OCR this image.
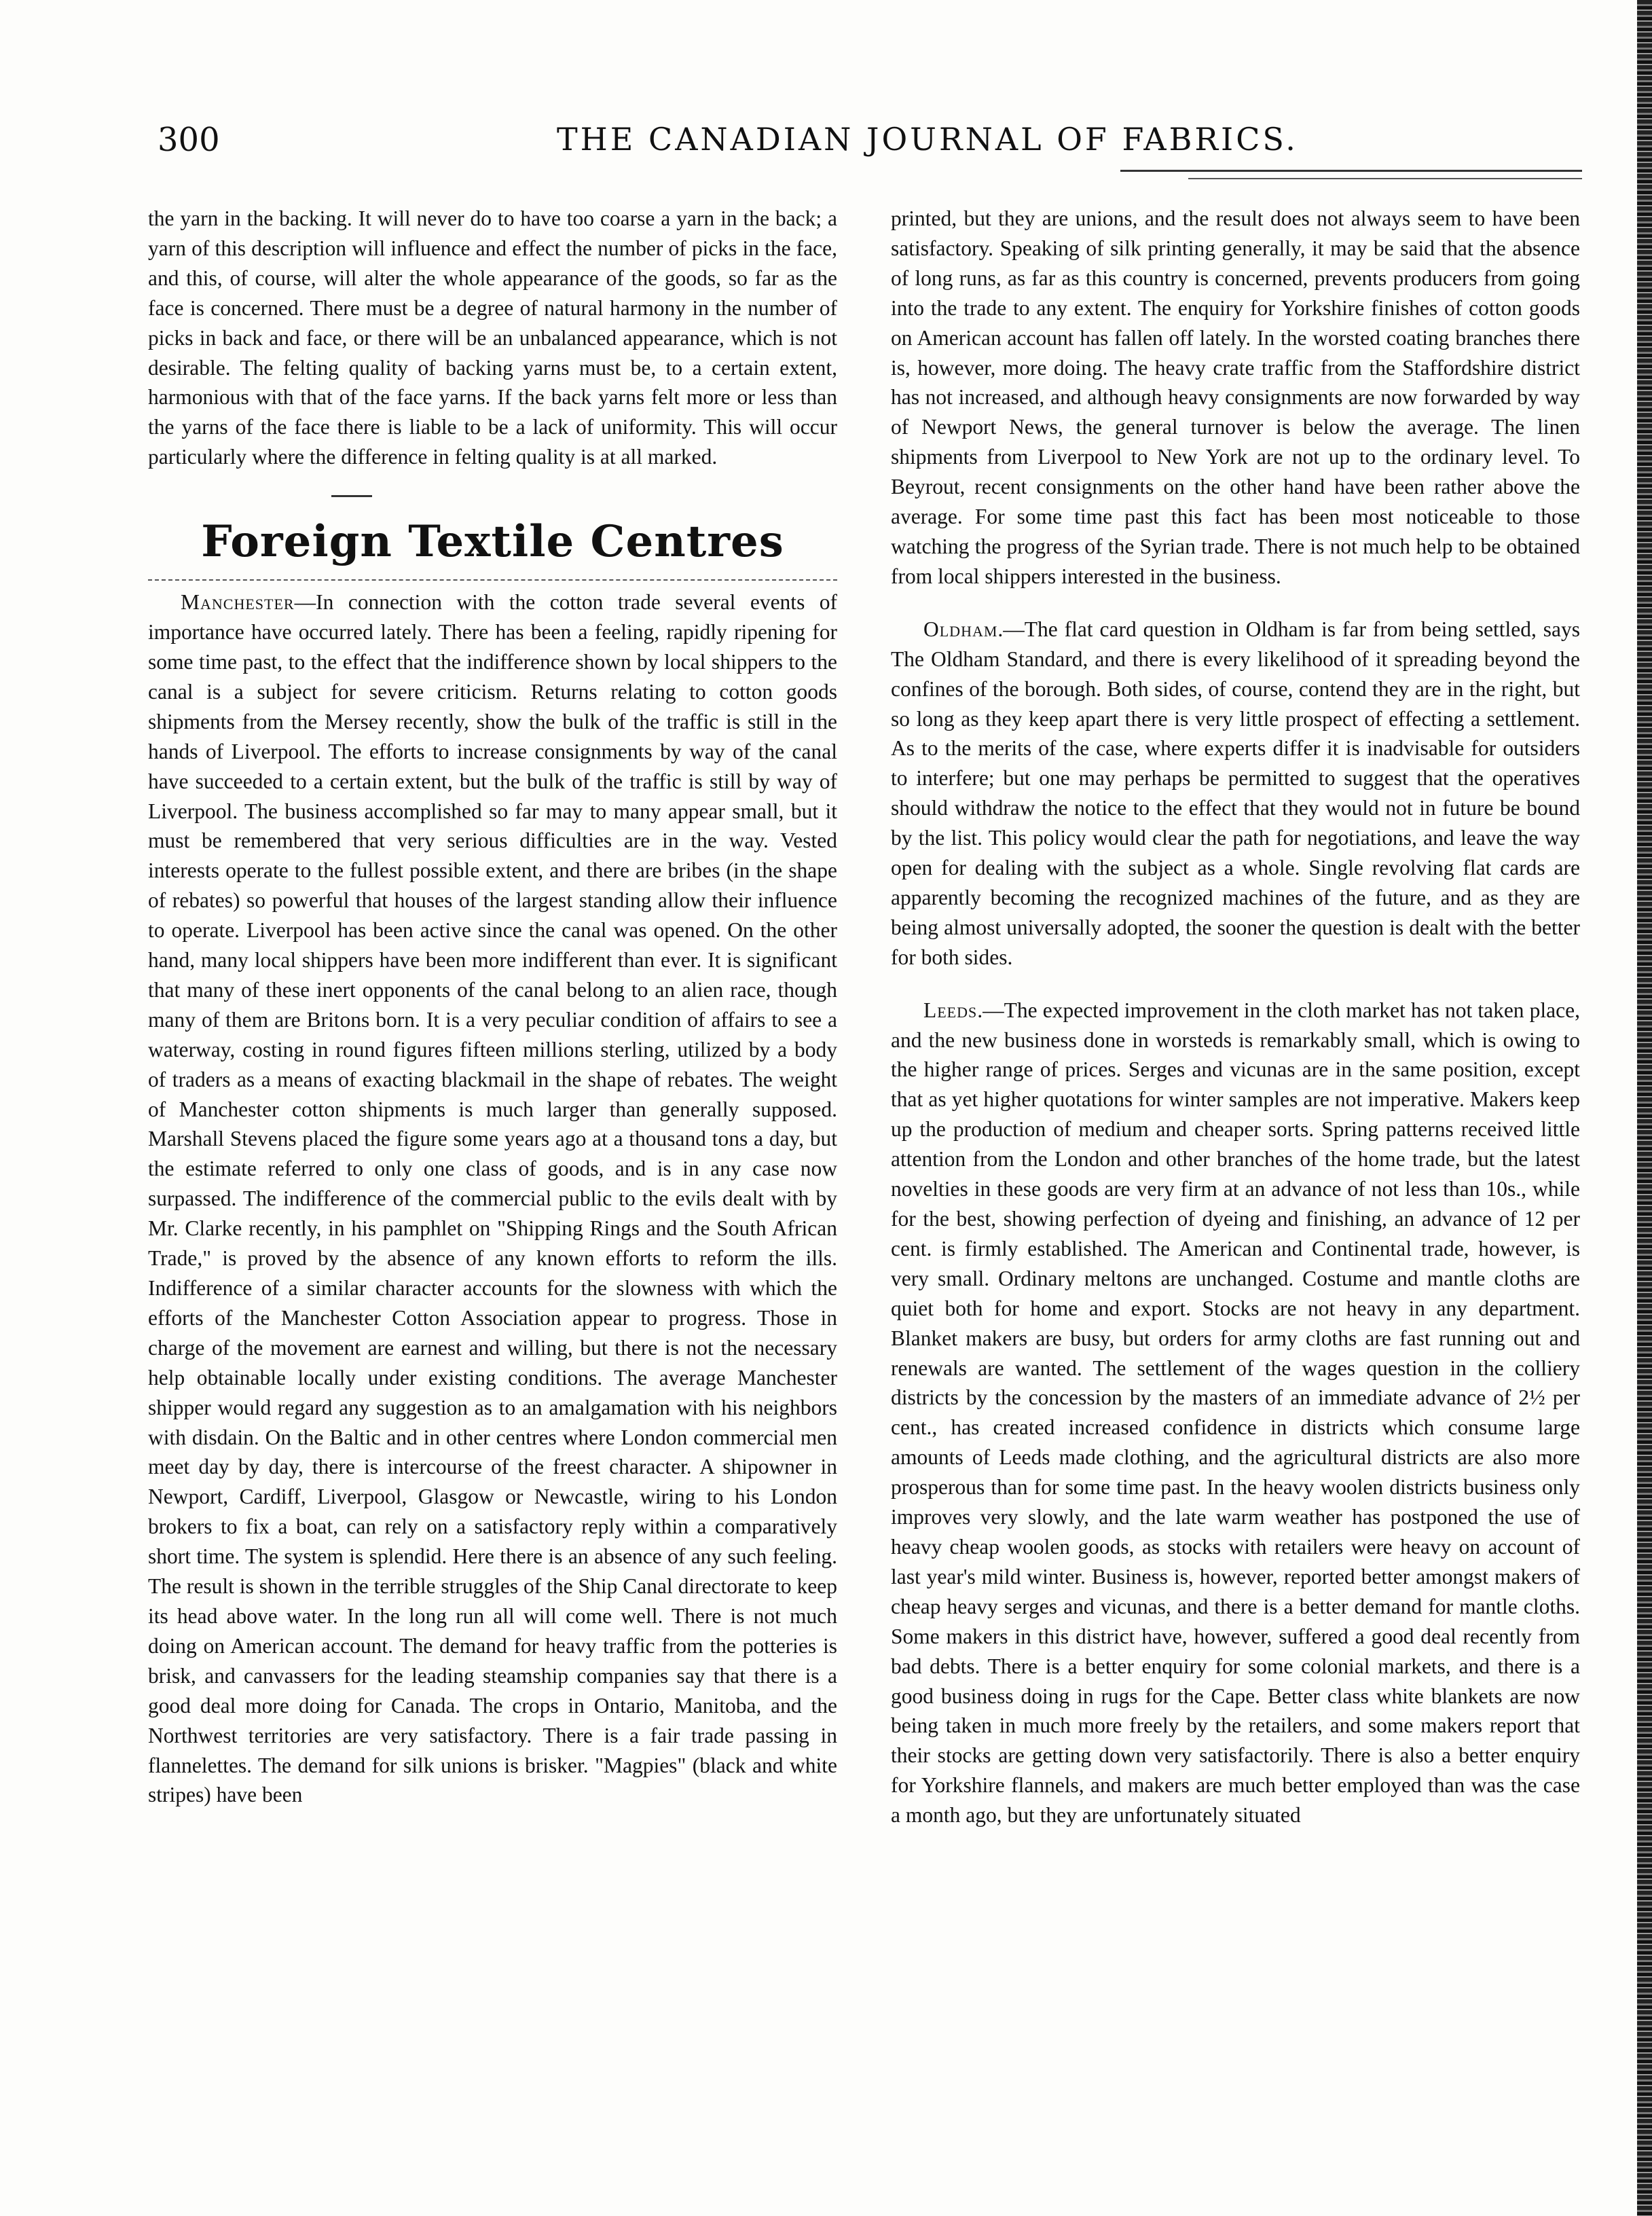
300	THE CANADIAN JOURNAL OF FABRICS.

the yarn in the backing. It will never do to have too coarse a yarn in the back; a yarn of this description will influence and effect the number of picks in the face, and this, of course, will alter the whole appearance of the goods, so far as the face is concerned. There must be a degree of natural harmony in the number of picks in back and face, or there will be an unbalanced appearance, which is not desirable. The felting quality of backing yarns must be, to a certain extent, harmonious with that of the face yarns. If the back yarns felt more or less than the yarns of the face there is liable to be a lack of uniformity. This will occur particularly where the difference in felting quality is at all marked.

Foreign Textile Centres

Manchester—In connection with the cotton trade several events of importance have occurred lately. There has been a feeling, rapidly ripening for some time past, to the effect that the indifference shown by local shippers to the canal is a subject for severe criticism. Returns relating to cotton goods shipments from the Mersey recently, show the bulk of the traffic is still in the hands of Liverpool. The efforts to increase consignments by way of the canal have succeeded to a certain extent, but the bulk of the traffic is still by way of Liverpool. The business accomplished so far may to many appear small, but it must be remembered that very serious difficulties are in the way. Vested interests operate to the fullest possible extent, and there are bribes (in the shape of rebates) so powerful that houses of the largest standing allow their influence to operate. Liverpool has been active since the canal was opened. On the other hand, many local shippers have been more indifferent than ever. It is significant that many of these inert opponents of the canal belong to an alien race, though many of them are Britons born. It is a very peculiar condition of affairs to see a waterway, costing in round figures fifteen millions sterling, utilized by a body of traders as a means of exacting blackmail in the shape of rebates. The weight of Manchester cotton shipments is much larger than generally supposed. Marshall Stevens placed the figure some years ago at a thousand tons a day, but the estimate referred to only one class of goods, and is in any case now surpassed. The indifference of the commercial public to the evils dealt with by Mr. Clarke recently, in his pamphlet on "Shipping Rings and the South African Trade," is proved by the absence of any known efforts to reform the ills. Indifference of a similar character accounts for the slowness with which the efforts of the Manchester Cotton Association appear to progress. Those in charge of the movement are earnest and willing, but there is not the necessary help obtainable locally under existing conditions. The average Manchester shipper would regard any suggestion as to an amalgamation with his neighbors with disdain. On the Baltic and in other centres where London commercial men meet day by day, there is intercourse of the freest character. A shipowner in Newport, Cardiff, Liverpool, Glasgow or Newcastle, wiring to his London brokers to fix a boat, can rely on a satisfactory reply within a comparatively short time. The system is splendid. Here there is an absence of any such feeling. The result is shown in the terrible struggles of the Ship Canal directorate to keep its head above water. In the long run all will come well. There is not much doing on American account. The demand for heavy traffic from the potteries is brisk, and canvassers for the leading steamship companies say that there is a good deal more doing for Canada. The crops in Ontario, Manitoba, and the Northwest territories are very satisfactory. There is a fair trade passing in flannelettes. The demand for silk unions is brisker. "Magpies" (black and white stripes) have been

printed, but they are unions, and the result does not always seem to have been satisfactory. Speaking of silk printing generally, it may be said that the absence of long runs, as far as this country is concerned, prevents producers from going into the trade to any extent. The enquiry for Yorkshire finishes of cotton goods on American account has fallen off lately. In the worsted coating branches there is, however, more doing. The heavy crate traffic from the Staffordshire district has not increased, and although heavy consignments are now forwarded by way of Newport News, the general turnover is below the average. The linen shipments from Liverpool to New York are not up to the ordinary level. To Beyrout, recent consignments on the other hand have been rather above the average. For some time past this fact has been most noticeable to those watching the progress of the Syrian trade. There is not much help to be obtained from local shippers interested in the business.

Oldham.—The flat card question in Oldham is far from being settled, says The Oldham Standard, and there is every likelihood of it spreading beyond the confines of the borough. Both sides, of course, contend they are in the right, but so long as they keep apart there is very little prospect of effecting a settlement. As to the merits of the case, where experts differ it is inadvisable for outsiders to interfere; but one may perhaps be permitted to suggest that the operatives should withdraw the notice to the effect that they would not in future be bound by the list. This policy would clear the path for negotiations, and leave the way open for dealing with the subject as a whole. Single revolving flat cards are apparently becoming the recognized machines of the future, and as they are being almost universally adopted, the sooner the question is dealt with the better for both sides.

Leeds.—The expected improvement in the cloth market has not taken place, and the new business done in worsteds is remarkably small, which is owing to the higher range of prices. Serges and vicunas are in the same position, except that as yet higher quotations for winter samples are not imperative. Makers keep up the production of medium and cheaper sorts. Spring patterns received little attention from the London and other branches of the home trade, but the latest novelties in these goods are very firm at an advance of not less than 10s., while for the best, showing perfection of dyeing and finishing, an advance of 12 per cent. is firmly established. The American and Continental trade, however, is very small. Ordinary meltons are unchanged. Costume and mantle cloths are quiet both for home and export. Stocks are not heavy in any department. Blanket makers are busy, but orders for army cloths are fast running out and renewals are wanted. The settlement of the wages question in the colliery districts by the concession by the masters of an immediate advance of 2½ per cent., has created increased confidence in districts which consume large amounts of Leeds made clothing, and the agricultural districts are also more prosperous than for some time past. In the heavy woolen districts business only improves very slowly, and the late warm weather has postponed the use of heavy cheap woolen goods, as stocks with retailers were heavy on account of last year's mild winter. Business is, however, reported better amongst makers of cheap heavy serges and vicunas, and there is a better demand for mantle cloths. Some makers in this district have, however, suffered a good deal recently from bad debts. There is a better enquiry for some colonial markets, and there is a good business doing in rugs for the Cape. Better class white blankets are now being taken in much more freely by the retailers, and some makers report that their stocks are getting down very satisfactorily. There is also a better enquiry for Yorkshire flannels, and makers are much better employed than was the case a month ago, but they are unfortunately situated
